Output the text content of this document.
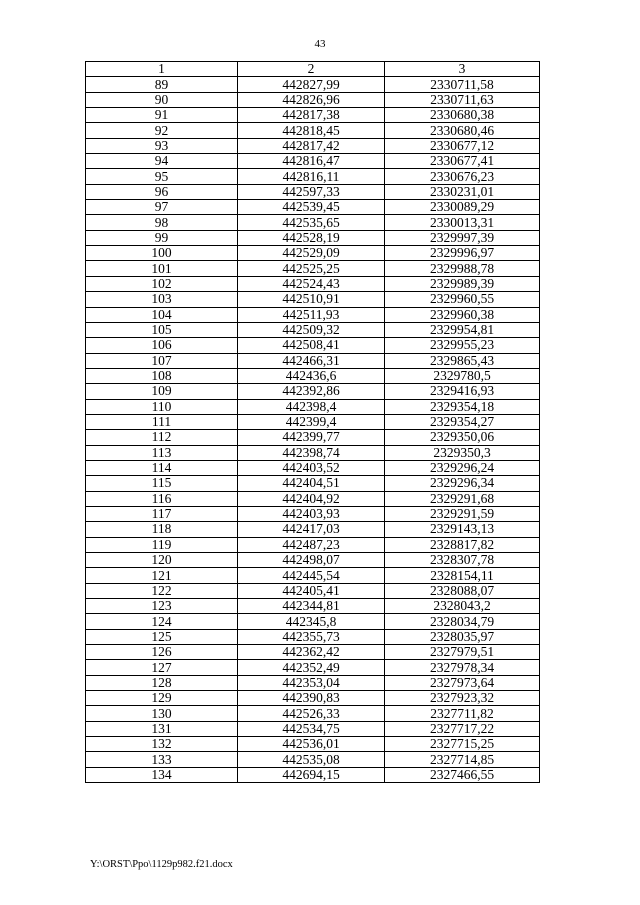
43
1	2	3
89	442827,99	2330711,58
90	442826,96	2330711,63
91	442817,38	2330680,38
92	442818,45	2330680,46
93	442817,42	2330677,12
94	442816,47	2330677,41
95	442816,11	2330676,23
96	442597,33	2330231,01
97	442539,45	2330089,29
98	442535,65	2330013,31
99	442528,19	2329997,39
100	442529,09	2329996,97
101	442525,25	2329988,78
102	442524,43	2329989,39
103	442510,91	2329960,55
104	442511,93	2329960,38
105	442509,32	2329954,81
106	442508,41	2329955,23
107	442466,31	2329865,43
108	442436,6	2329780,5
109	442392,86	2329416,93
110	442398,4	2329354,18
111	442399,4	2329354,27
112	442399,77	2329350,06
113	442398,74	2329350,3
114	442403,52	2329296,24
115	442404,51	2329296,34
116	442404,92	2329291,68
117	442403,93	2329291,59
118	442417,03	2329143,13
119	442487,23	2328817,82
120	442498,07	2328307,78
121	442445,54	2328154,11
122	442405,41	2328088,07
123	442344,81	2328043,2
124	442345,8	2328034,79
125	442355,73	2328035,97
126	442362,42	2327979,51
127	442352,49	2327978,34
128	442353,04	2327973,64
129	442390,83	2327923,32
130	442526,33	2327711,82
131	442534,75	2327717,22
132	442536,01	2327715,25
133	442535,08	2327714,85
134	442694,15	2327466,55
Y:\ORST\Ppo\1129p982.f21.docx
